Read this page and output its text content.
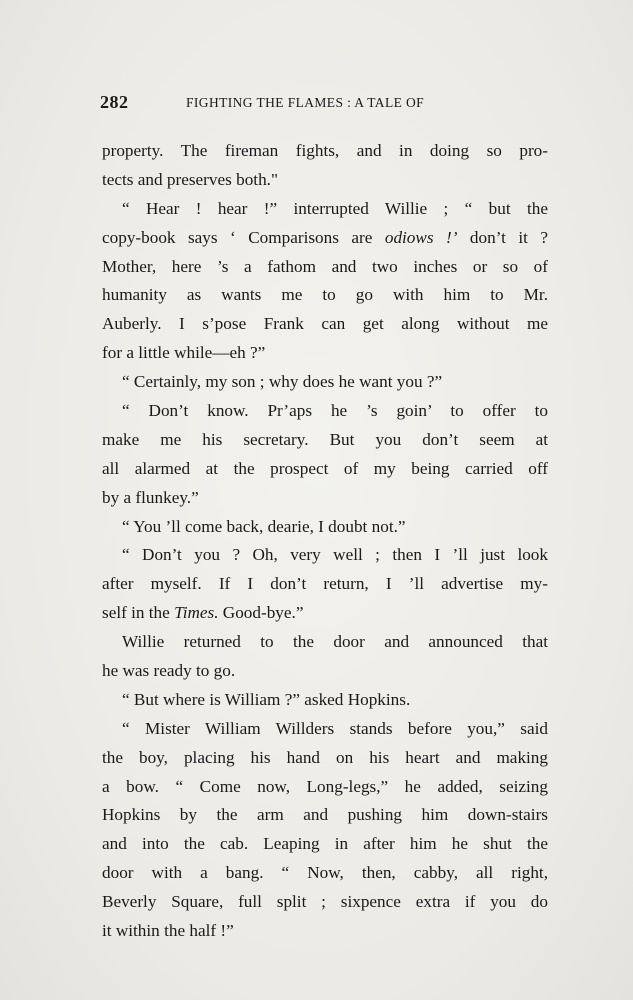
282	FIGHTING THE FLAMES : A TALE OF
property. The fireman fights, and in doing so pro-
tects and preserves both."
“ Hear ! hear !” interrupted Willie ; “ but the
copy-book says ‘ Comparisons are odiows !’ don’t it ?
Mother, here ’s a fathom and two inches or so of
humanity as wants me to go with him to Mr.
Auberly. I s’pose Frank can get along without me
for a little while—eh ?”
“ Certainly, my son ; why does he want you ?”
“ Don’t know. Pr’aps he ’s goin’ to offer to
make me his secretary. But you don’t seem at
all alarmed at the prospect of my being carried off
by a flunkey.”
“ You ’ll come back, dearie, I doubt not.”
“ Don’t you ? Oh, very well ; then I ’ll just look
after myself. If I don’t return, I ’ll advertise my-
self in the Times. Good-bye.”
Willie returned to the door and announced that
he was ready to go.
“ But where is William ?” asked Hopkins.
“ Mister William Willders stands before you,” said
the boy, placing his hand on his heart and making
a bow. “ Come now, Long-legs,” he added, seizing
Hopkins by the arm and pushing him down-stairs
and into the cab. Leaping in after him he shut the
door with a bang. “ Now, then, cabby, all right,
Beverly Square, full split ; sixpence extra if you do
it within the half !”
